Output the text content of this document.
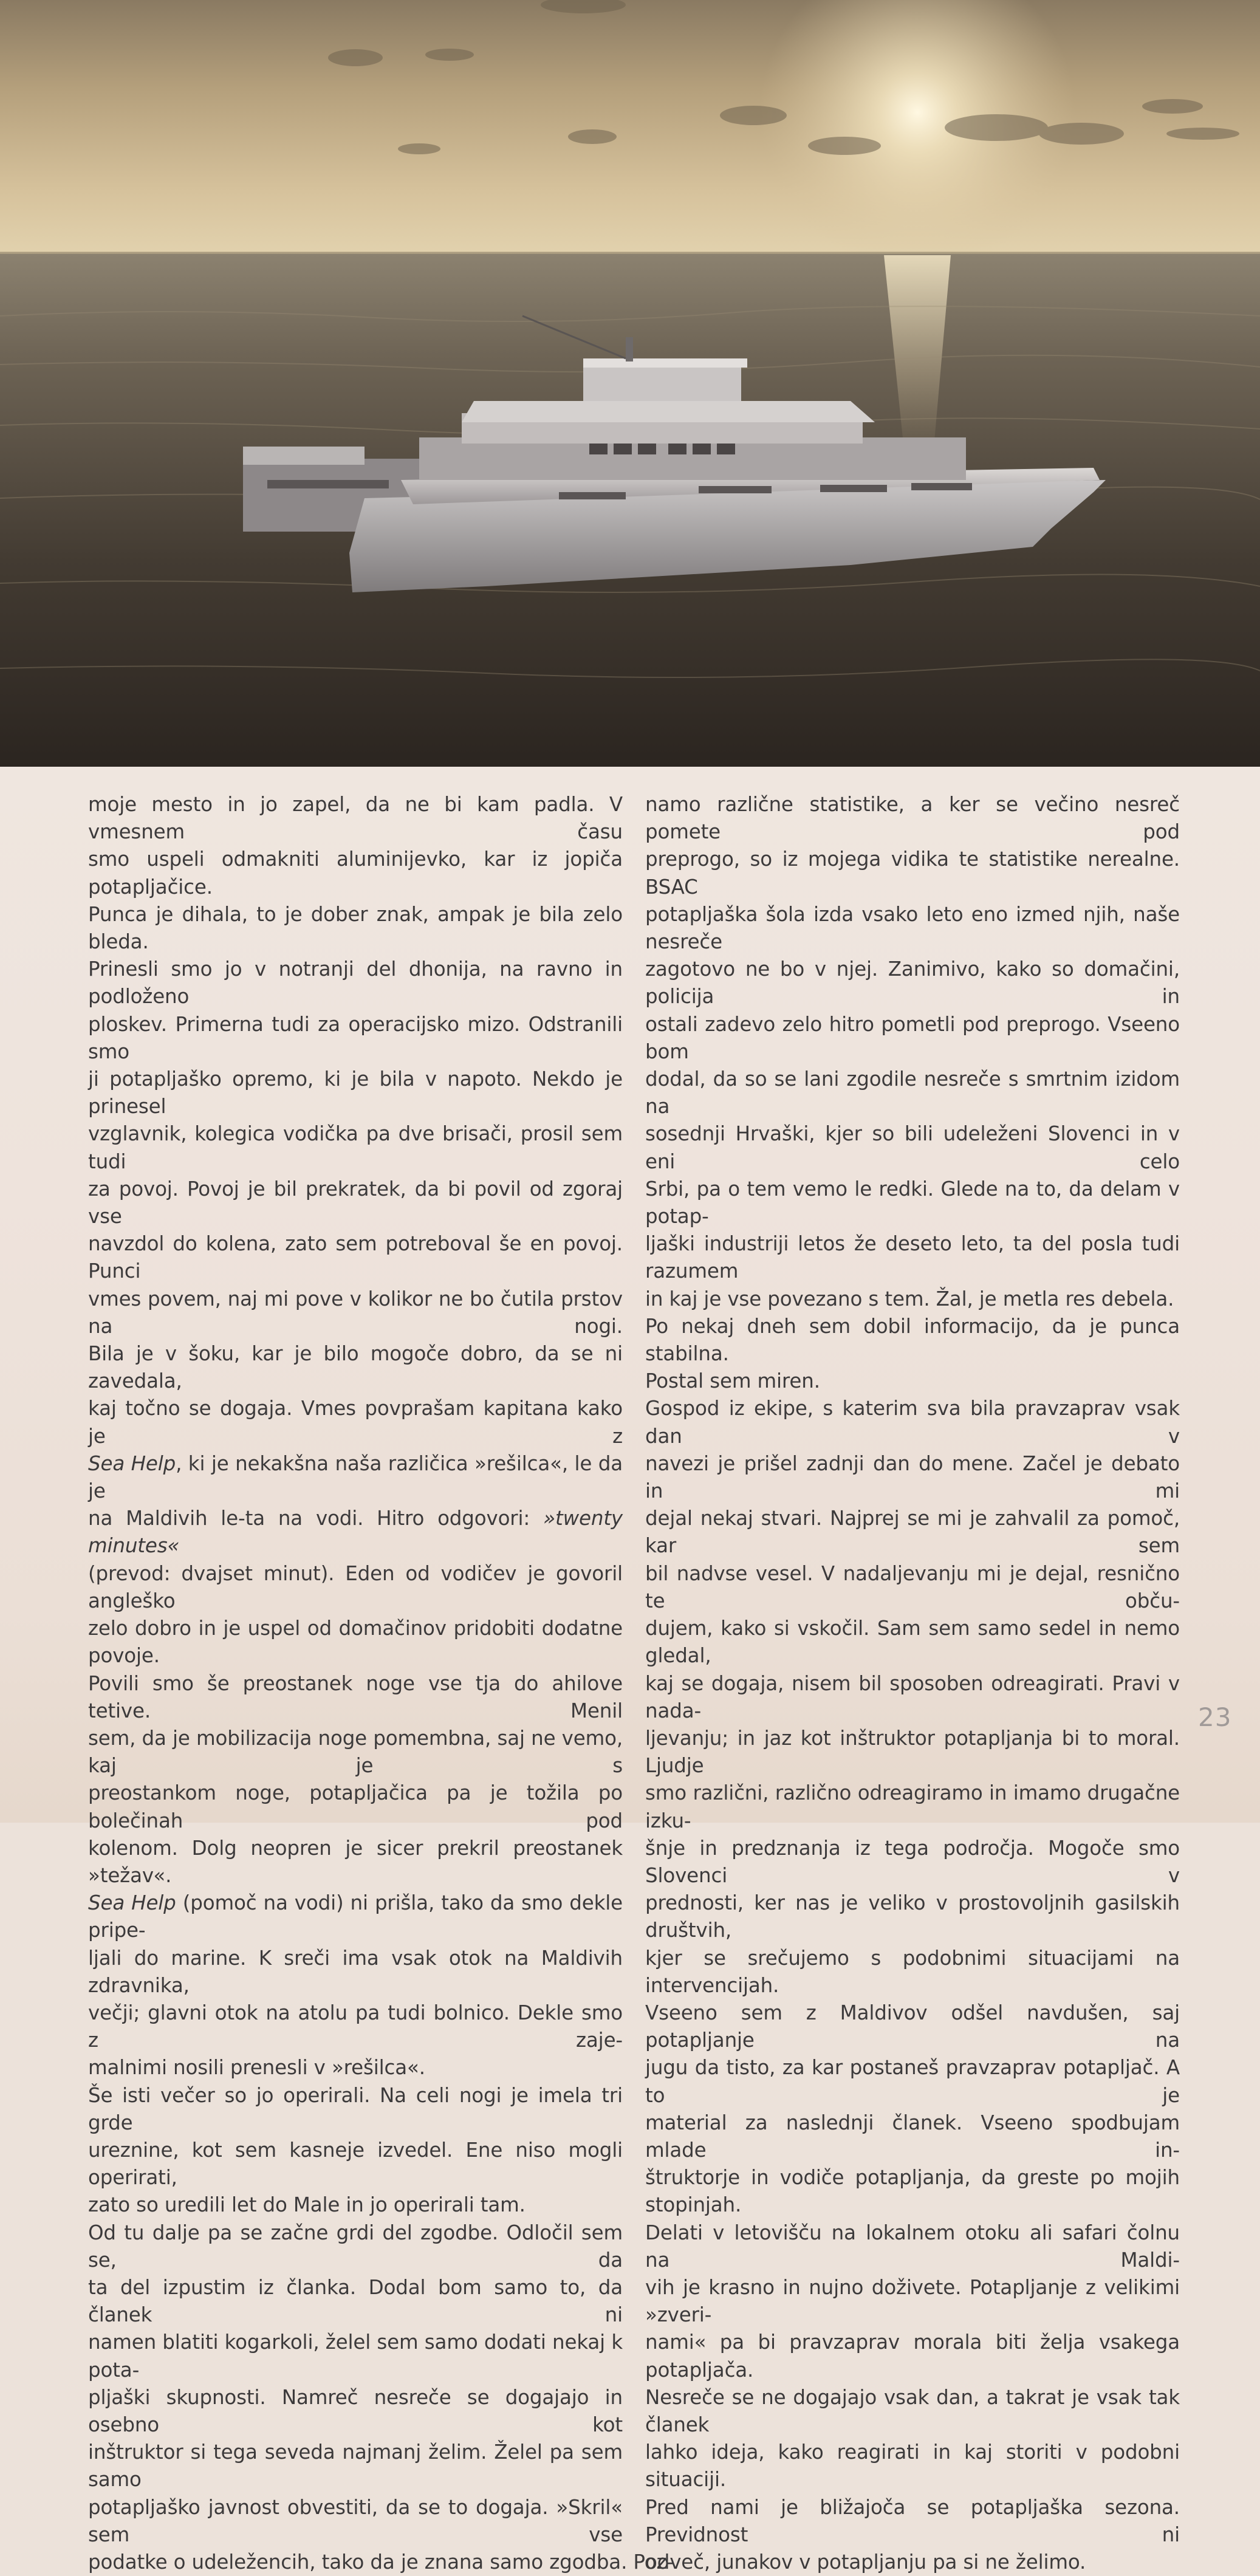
moje mesto in jo zapel, da ne bi kam padla. V vmesnem času

smo uspeli odmakniti aluminijevko, kar iz jopiča potapljačice.

Punca je dihala, to je dober znak, ampak je bila zelo bleda.

Prinesli smo jo v notranji del dhonija, na ravno in podloženo

ploskev. Primerna tudi za operacijsko mizo. Odstranili smo

ji potapljaško opremo, ki je bila v napoto. Nekdo je prinesel

vzglavnik, kolegica vodička pa dve brisači, prosil sem tudi

za povoj. Povoj je bil prekratek, da bi povil od zgoraj vse

navzdol do kolena, zato sem potreboval še en povoj. Punci

vmes povem, naj mi pove v kolikor ne bo čutila prstov na nogi.

Bila je v šoku, kar je bilo mogoče dobro, da se ni zavedala,

kaj točno se dogaja. Vmes povprašam kapitana kako je z

Sea Help, ki je nekakšna naša različica »rešilca«, le da je

na Maldivih le-ta na vodi. Hitro odgovori: »twenty minutes«

(prevod: dvajset minut). Eden od vodičev je govoril angleško

zelo dobro in je uspel od domačinov pridobiti dodatne povoje.

Povili smo še preostanek noge vse tja do ahilove tetive. Menil

sem, da je mobilizacija noge pomembna, saj ne vemo, kaj je s

preostankom noge, potapljačica pa je tožila po bolečinah pod

kolenom. Dolg neopren je sicer prekril preostanek »težav«.

Sea Help (pomoč na vodi) ni prišla, tako da smo dekle pripe-

ljali do marine. K sreči ima vsak otok na Maldivih zdravnika,

večji; glavni otok na atolu pa tudi bolnico. Dekle smo z zaje-

malnimi nosili prenesli v »rešilca«.

Še isti večer so jo operirali. Na celi nogi je imela tri grde

ureznine, kot sem kasneje izvedel. Ene niso mogli operirati,

zato so uredili let do Male in jo operirali tam.

Od tu dalje pa se začne grdi del zgodbe. Odločil sem se, da

ta del izpustim iz članka. Dodal bom samo to, da članek ni

namen blatiti kogarkoli, želel sem samo dodati nekaj k pota-

pljaški skupnosti. Namreč nesreče se dogajajo in osebno kot

inštruktor si tega seveda najmanj želim. Želel pa sem samo

potapljaško javnost obvestiti, da se to dogaja. »Skril« sem vse

podatke o udeležencih, tako da je znana samo zgodba. Poz-

namo različne statistike, a ker se večino nesreč pomete pod

preprogo, so iz mojega vidika te statistike nerealne. BSAC

potapljaška šola izda vsako leto eno izmed njih, naše nesreče

zagotovo ne bo v njej. Zanimivo, kako so domačini, policija in

ostali zadevo zelo hitro pometli pod preprogo. Vseeno bom

dodal, da so se lani zgodile nesreče s smrtnim izidom na

sosednji Hrvaški, kjer so bili udeleženi Slovenci in v eni celo

Srbi, pa o tem vemo le redki. Glede na to, da delam v potap-

ljaški industriji letos že deseto leto, ta del posla tudi razumem

in kaj je vse povezano s tem. Žal, je metla res debela.

Po nekaj dneh sem dobil informacijo, da je punca stabilna.

Postal sem miren.

Gospod iz ekipe, s katerim sva bila pravzaprav vsak dan v

navezi je prišel zadnji dan do mene. Začel je debato in mi

dejal nekaj stvari. Najprej se mi je zahvalil za pomoč, kar sem

bil nadvse vesel. V nadaljevanju mi je dejal, resnično te obču-

dujem, kako si vskočil. Sam sem samo sedel in nemo gledal,

kaj se dogaja, nisem bil sposoben odreagirati. Pravi v nada-

ljevanju; in jaz kot inštruktor potapljanja bi to moral. Ljudje

smo različni, različno odreagiramo in imamo drugačne izku-

šnje in predznanja iz tega področja. Mogoče smo Slovenci v

prednosti, ker nas je veliko v prostovoljnih gasilskih društvih,

kjer se srečujemo s podobnimi situacijami na intervencijah.

Vseeno sem z Maldivov odšel navdušen, saj potapljanje na

jugu da tisto, za kar postaneš pravzaprav potapljač. A to je

material za naslednji članek. Vseeno spodbujam mlade in-

štruktorje in vodiče potapljanja, da greste po mojih stopinjah.

Delati v letovišču na lokalnem otoku ali safari čolnu na Maldi-

vih je krasno in nujno doživete. Potapljanje z velikimi »zveri-

nami« pa bi pravzaprav morala biti želja vsakega potapljača.

Nesreče se ne dogajajo vsak dan, a takrat je vsak tak članek

lahko ideja, kako reagirati in kaj storiti v podobni situaciji.

Pred nami je bližajoča se potapljaška sezona. Previdnost ni

odveč, junakov v potapljanju pa si ne želimo.

23
